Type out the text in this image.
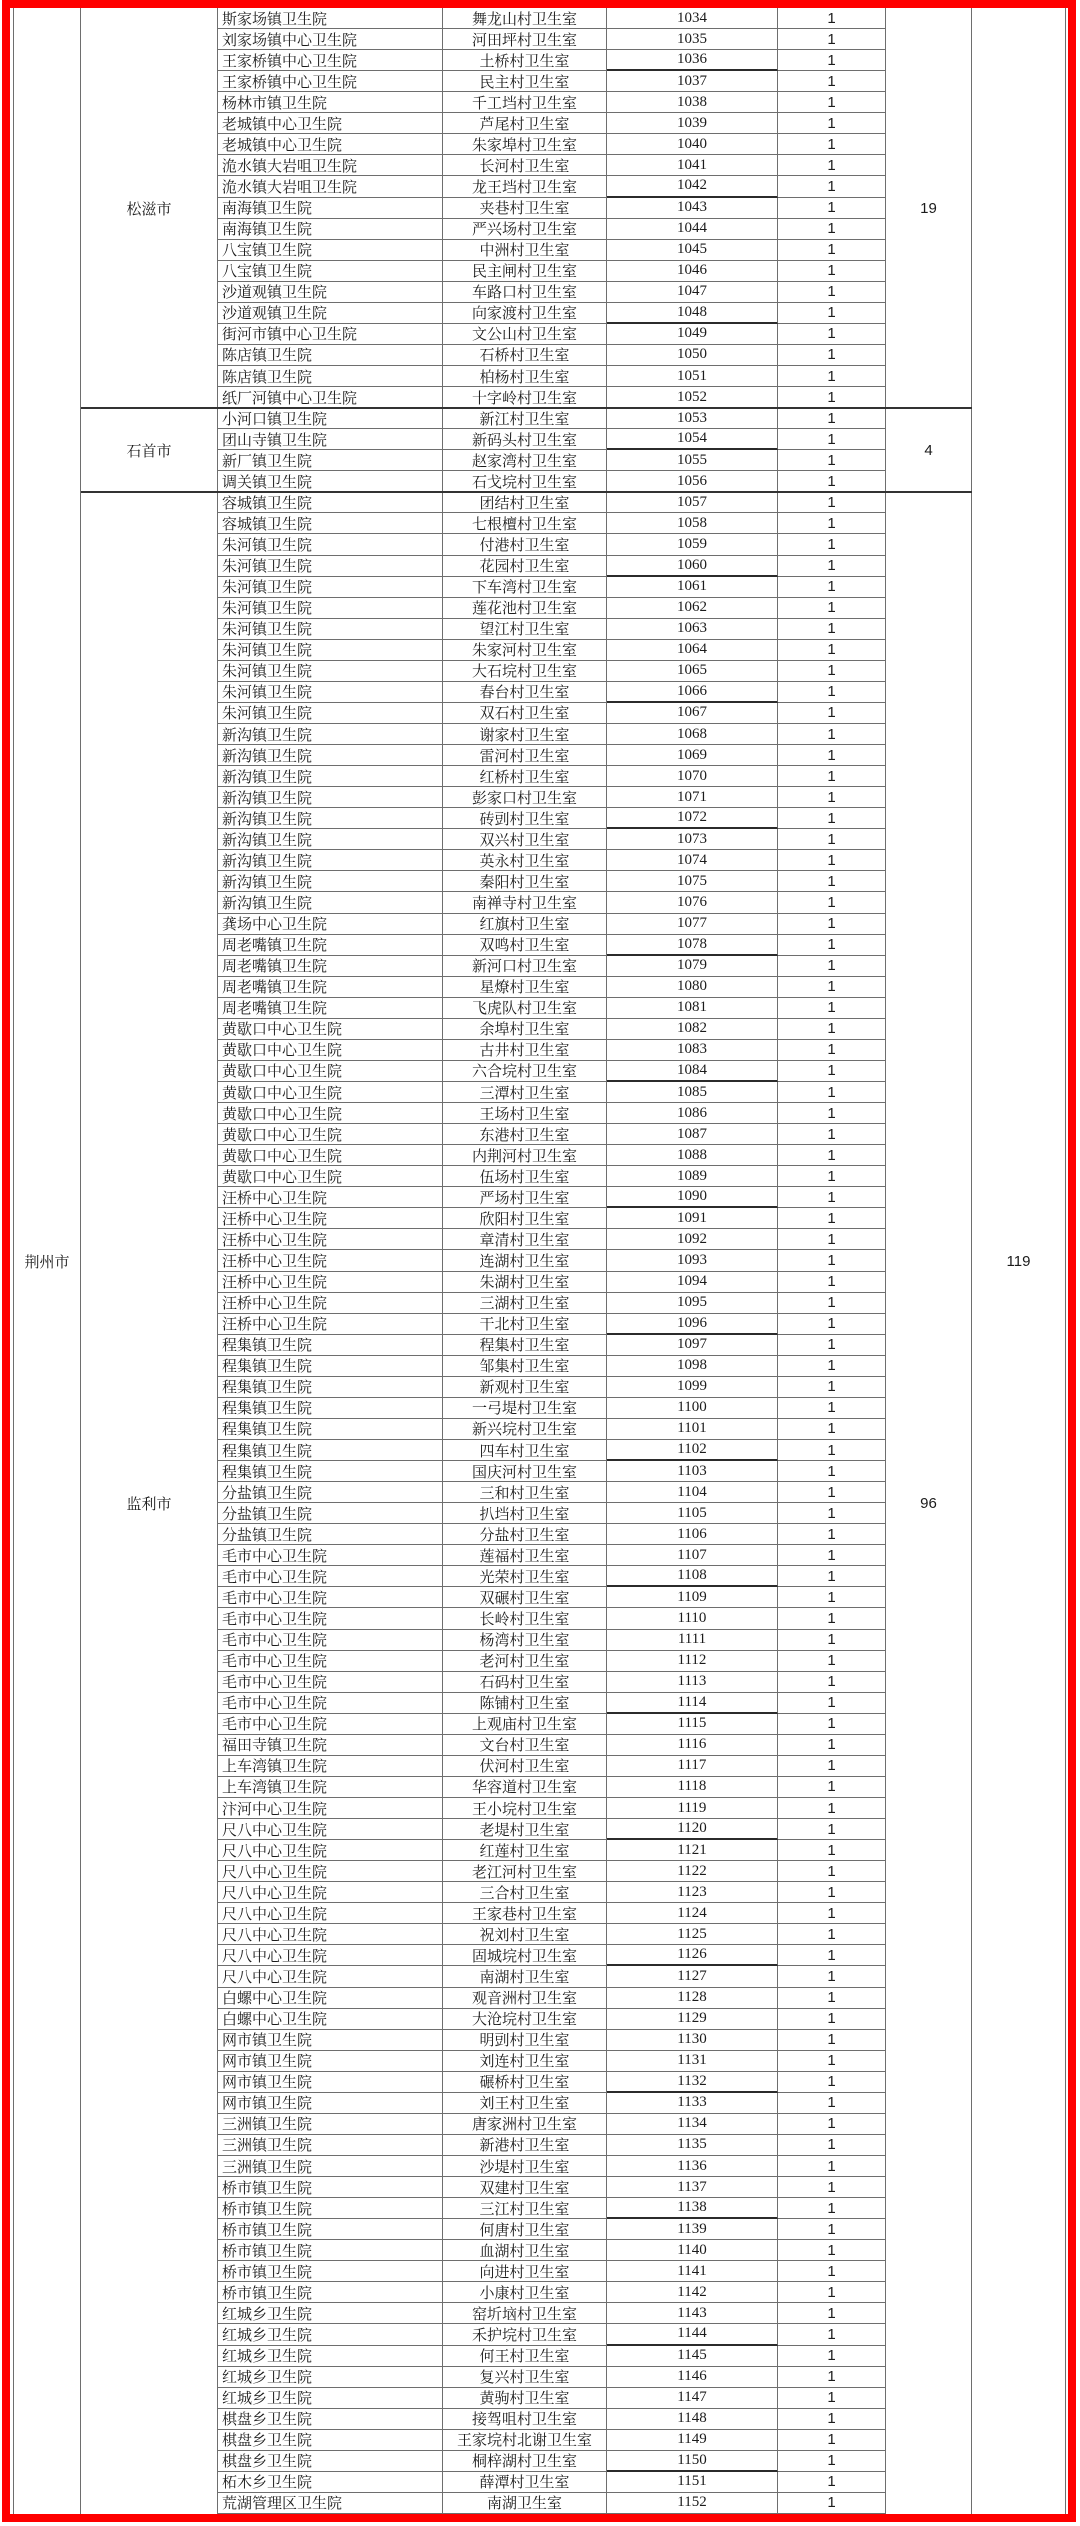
荆州市	119
松滋市	19
斯家场镇卫生院	舞龙山村卫生室	1034	1
刘家场镇中心卫生院	河田坪村卫生室	1035	1
王家桥镇中心卫生院	土桥村卫生室	1036	1
王家桥镇中心卫生院	民主村卫生室	1037	1
杨林市镇卫生院	千工垱村卫生室	1038	1
老城镇中心卫生院	芦尾村卫生室	1039	1
老城镇中心卫生院	朱家埠村卫生室	1040	1
洈水镇大岩咀卫生院	长河村卫生室	1041	1
洈水镇大岩咀卫生院	龙王垱村卫生室	1042	1
南海镇卫生院	夹巷村卫生室	1043	1
南海镇卫生院	严兴场村卫生室	1044	1
八宝镇卫生院	中洲村卫生室	1045	1
八宝镇卫生院	民主闸村卫生室	1046	1
沙道观镇卫生院	车路口村卫生室	1047	1
沙道观镇卫生院	向家渡村卫生室	1048	1
街河市镇中心卫生院	文公山村卫生室	1049	1
陈店镇卫生院	石桥村卫生室	1050	1
陈店镇卫生院	柏杨村卫生室	1051	1
纸厂河镇中心卫生院	十字岭村卫生室	1052	1
石首市	4
小河口镇卫生院	新江村卫生室	1053	1
团山寺镇卫生院	新码头村卫生室	1054	1
新厂镇卫生院	赵家湾村卫生室	1055	1
调关镇卫生院	石戈垸村卫生室	1056	1
监利市	96
容城镇卫生院	团结村卫生室	1057	1
容城镇卫生院	七根檀村卫生室	1058	1
朱河镇卫生院	付港村卫生室	1059	1
朱河镇卫生院	花园村卫生室	1060	1
朱河镇卫生院	下车湾村卫生室	1061	1
朱河镇卫生院	莲花池村卫生室	1062	1
朱河镇卫生院	望江村卫生室	1063	1
朱河镇卫生院	朱家河村卫生室	1064	1
朱河镇卫生院	大石垸村卫生室	1065	1
朱河镇卫生院	春台村卫生室	1066	1
朱河镇卫生院	双石村卫生室	1067	1
新沟镇卫生院	谢家村卫生室	1068	1
新沟镇卫生院	雷河村卫生室	1069	1
新沟镇卫生院	红桥村卫生室	1070	1
新沟镇卫生院	彭家口村卫生室	1071	1
新沟镇卫生院	砖剅村卫生室	1072	1
新沟镇卫生院	双兴村卫生室	1073	1
新沟镇卫生院	英永村卫生室	1074	1
新沟镇卫生院	秦阳村卫生室	1075	1
新沟镇卫生院	南禅寺村卫生室	1076	1
龚场中心卫生院	红旗村卫生室	1077	1
周老嘴镇卫生院	双鸣村卫生室	1078	1
周老嘴镇卫生院	新河口村卫生室	1079	1
周老嘴镇卫生院	星燎村卫生室	1080	1
周老嘴镇卫生院	飞虎队村卫生室	1081	1
黄歇口中心卫生院	余埠村卫生室	1082	1
黄歇口中心卫生院	古井村卫生室	1083	1
黄歇口中心卫生院	六合垸村卫生室	1084	1
黄歇口中心卫生院	三潭村卫生室	1085	1
黄歇口中心卫生院	王场村卫生室	1086	1
黄歇口中心卫生院	东港村卫生室	1087	1
黄歇口中心卫生院	内荆河村卫生室	1088	1
黄歇口中心卫生院	伍场村卫生室	1089	1
汪桥中心卫生院	严场村卫生室	1090	1
汪桥中心卫生院	欣阳村卫生室	1091	1
汪桥中心卫生院	章清村卫生室	1092	1
汪桥中心卫生院	连湖村卫生室	1093	1
汪桥中心卫生院	朱湖村卫生室	1094	1
汪桥中心卫生院	三湖村卫生室	1095	1
汪桥中心卫生院	干北村卫生室	1096	1
程集镇卫生院	程集村卫生室	1097	1
程集镇卫生院	邹集村卫生室	1098	1
程集镇卫生院	新观村卫生室	1099	1
程集镇卫生院	一弓堤村卫生室	1100	1
程集镇卫生院	新兴垸村卫生室	1101	1
程集镇卫生院	四车村卫生室	1102	1
程集镇卫生院	国庆河村卫生室	1103	1
分盐镇卫生院	三和村卫生室	1104	1
分盐镇卫生院	扒垱村卫生室	1105	1
分盐镇卫生院	分盐村卫生室	1106	1
毛市中心卫生院	莲福村卫生室	1107	1
毛市中心卫生院	光荣村卫生室	1108	1
毛市中心卫生院	双碾村卫生室	1109	1
毛市中心卫生院	长岭村卫生室	1110	1
毛市中心卫生院	杨湾村卫生室	1111	1
毛市中心卫生院	老河村卫生室	1112	1
毛市中心卫生院	石码村卫生室	1113	1
毛市中心卫生院	陈铺村卫生室	1114	1
毛市中心卫生院	上观庙村卫生室	1115	1
福田寺镇卫生院	文台村卫生室	1116	1
上车湾镇卫生院	伏河村卫生室	1117	1
上车湾镇卫生院	华容道村卫生室	1118	1
汴河中心卫生院	王小垸村卫生室	1119	1
尺八中心卫生院	老堤村卫生室	1120	1
尺八中心卫生院	红莲村卫生室	1121	1
尺八中心卫生院	老江河村卫生室	1122	1
尺八中心卫生院	三合村卫生室	1123	1
尺八中心卫生院	王家巷村卫生室	1124	1
尺八中心卫生院	祝刘村卫生室	1125	1
尺八中心卫生院	固城垸村卫生室	1126	1
尺八中心卫生院	南湖村卫生室	1127	1
白螺中心卫生院	观音洲村卫生室	1128	1
白螺中心卫生院	大沧垸村卫生室	1129	1
网市镇卫生院	明剅村卫生室	1130	1
网市镇卫生院	刘连村卫生室	1131	1
网市镇卫生院	碾桥村卫生室	1132	1
网市镇卫生院	刘王村卫生室	1133	1
三洲镇卫生院	唐家洲村卫生室	1134	1
三洲镇卫生院	新港村卫生室	1135	1
三洲镇卫生院	沙堤村卫生室	1136	1
桥市镇卫生院	双建村卫生室	1137	1
桥市镇卫生院	三江村卫生室	1138	1
桥市镇卫生院	何唐村卫生室	1139	1
桥市镇卫生院	血湖村卫生室	1140	1
桥市镇卫生院	向进村卫生室	1141	1
桥市镇卫生院	小康村卫生室	1142	1
红城乡卫生院	窑圻垴村卫生室	1143	1
红城乡卫生院	禾护垸村卫生室	1144	1
红城乡卫生院	何王村卫生室	1145	1
红城乡卫生院	复兴村卫生室	1146	1
红城乡卫生院	黄驹村卫生室	1147	1
棋盘乡卫生院	接驾咀村卫生室	1148	1
棋盘乡卫生院	王家垸村北谢卫生室	1149	1
棋盘乡卫生院	桐梓湖村卫生室	1150	1
柘木乡卫生院	薛潭村卫生室	1151	1
荒湖管理区卫生院	南湖卫生室	1152	1
